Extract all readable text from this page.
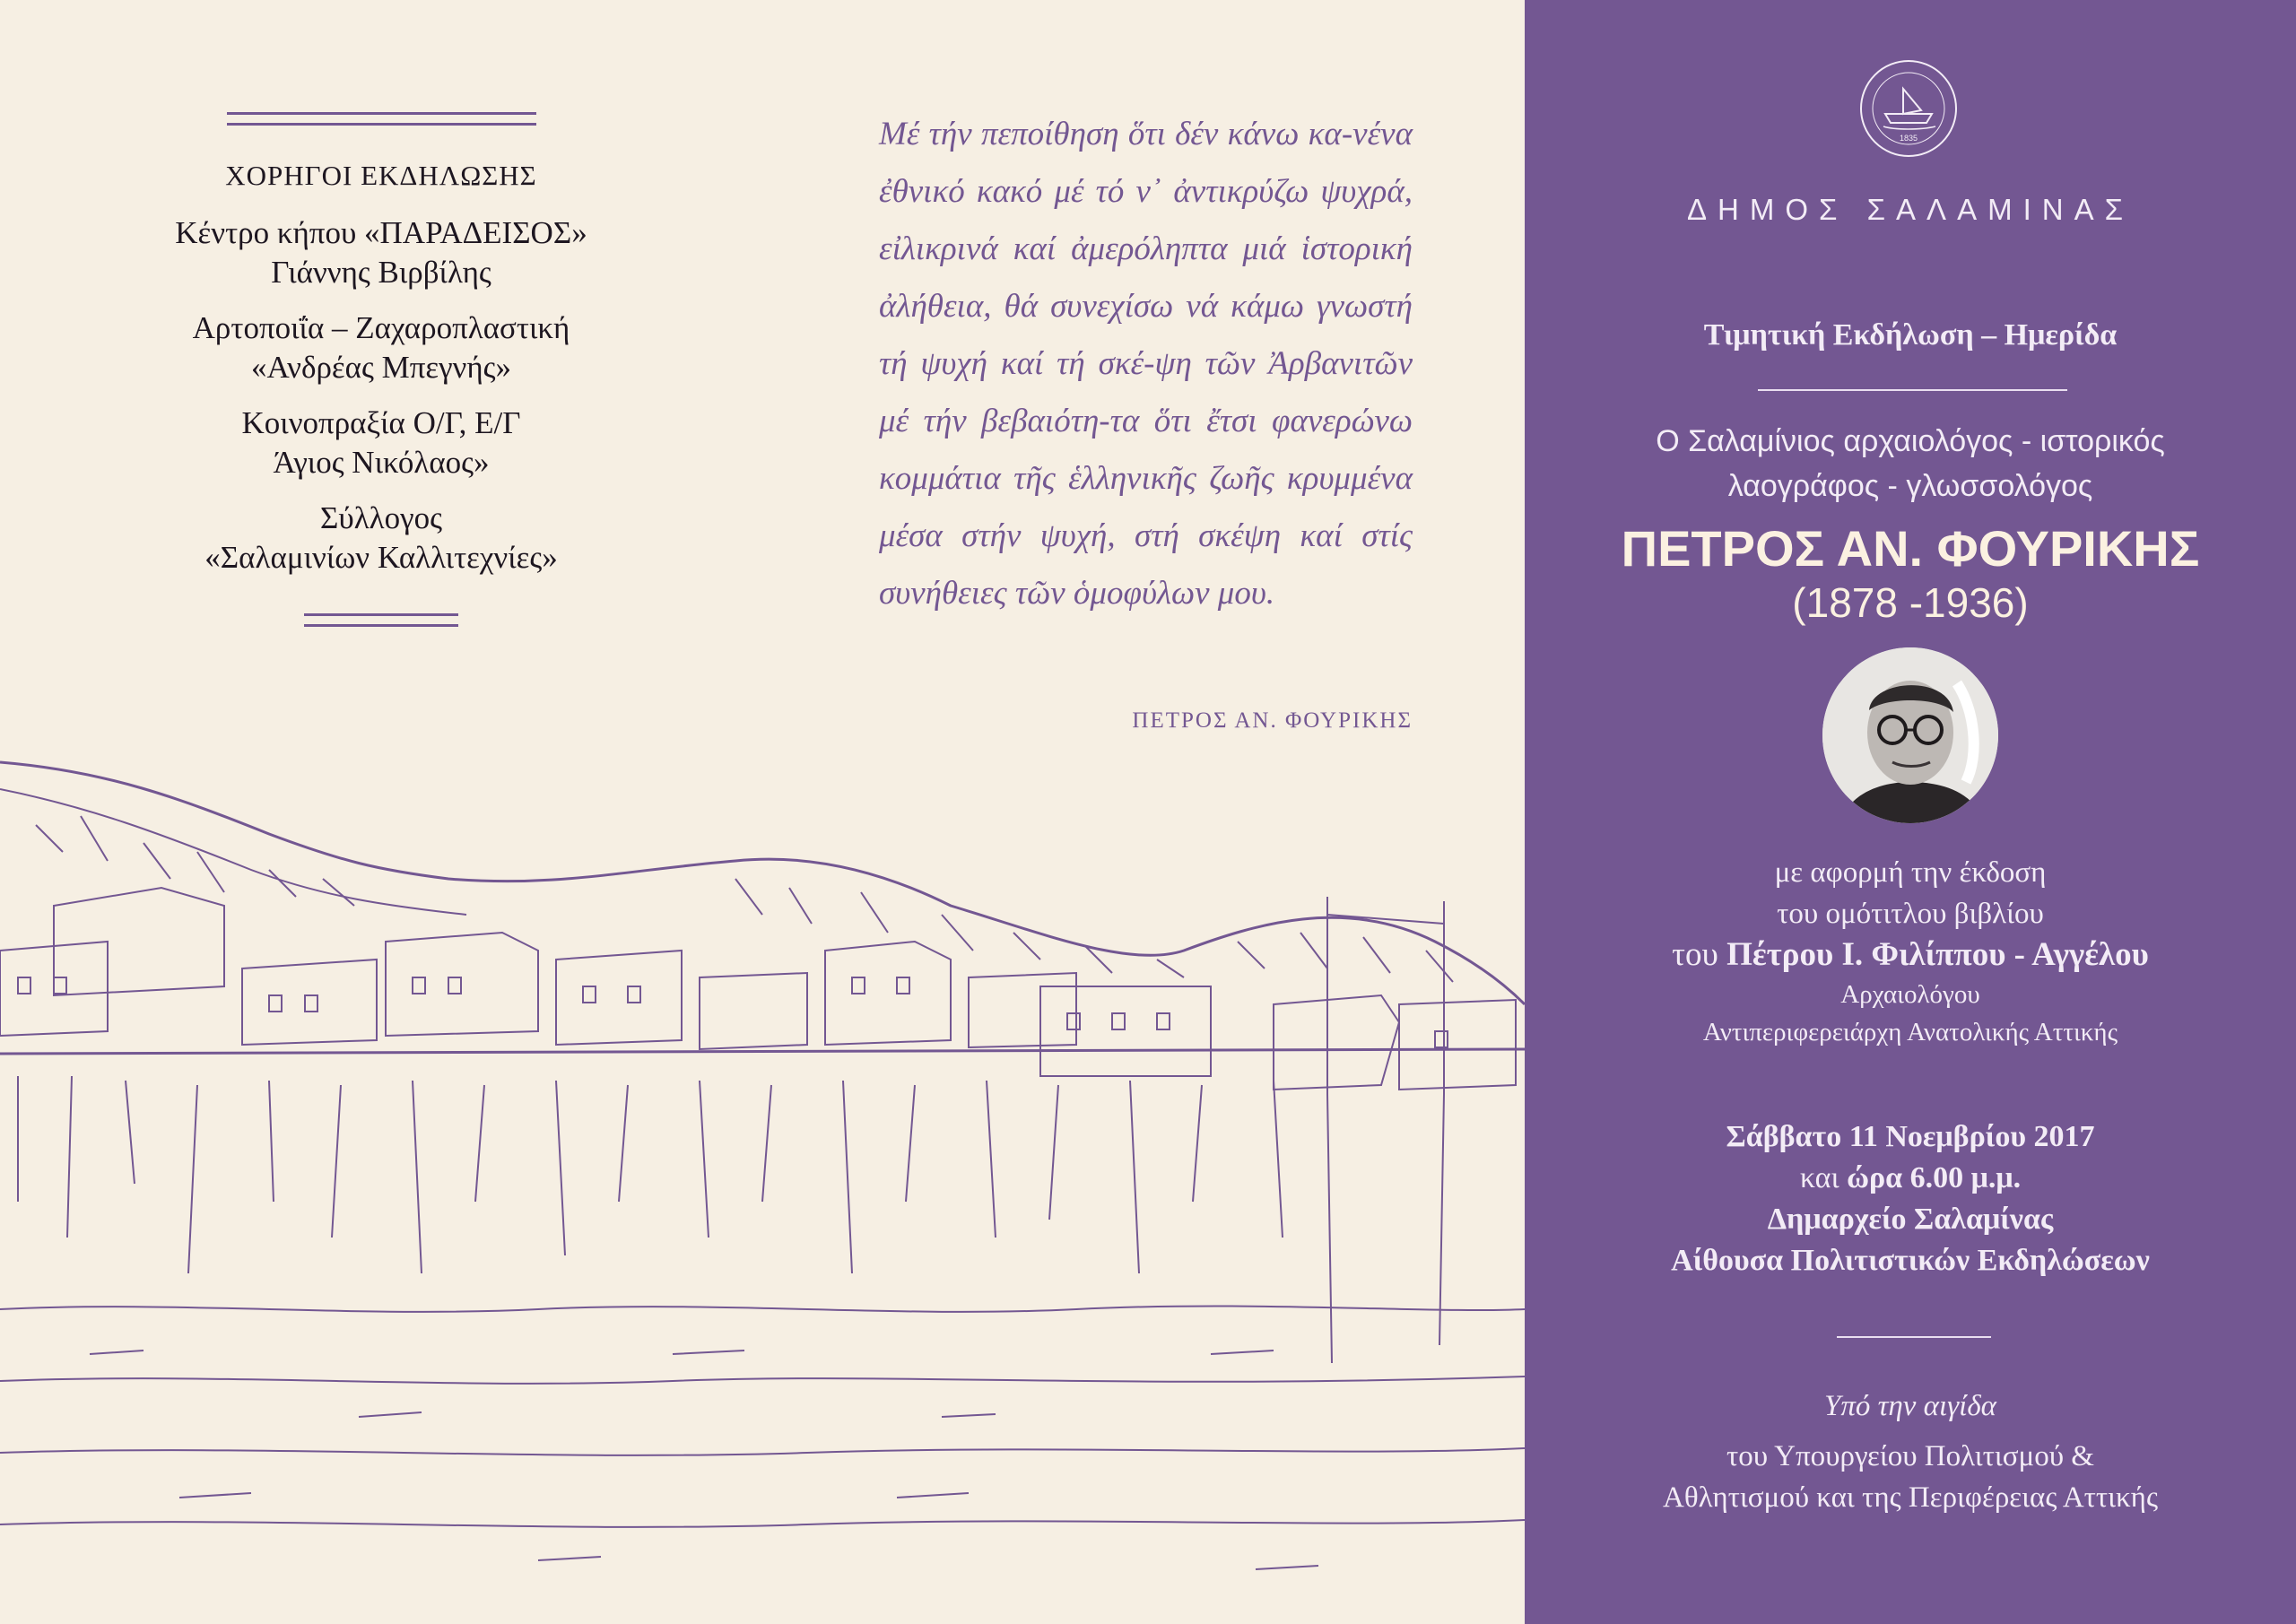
ΧΟΡΗΓΟΙ ΕΚΔΗΛΩΣΗΣ
Κέντρο κήπου «ΠΑΡΑΔΕΙΣΟΣ»
Γιάννης Βιρβίλης
Αρτοποιΐα – Ζαχαροπλαστική
«Ανδρέας Μπεγνής»
Κοινοπραξία Ο/Γ, Ε/Γ
Άγιος Νικόλαος»
Σύλλογος
«Σαλαμινίων Καλλιτεχνίες»
Μέ τήν πεποίθηση ὅτι δέν κάνω κα-νένα ἐθνικό κακό μέ τό ν᾿ ἀντικρύζω ψυχρά, εἰλικρινά καί ἀμερόληπτα μιά ἱστορική ἀλήθεια, θά συνεχίσω νά κάμω γνωστή τή ψυχή καί τή σκέ-ψη τῶν Ἀρβανιτῶν μέ τήν βεβαιότη-τα ὅτι ἔτσι φανερώνω κομμάτια τῆς ἑλληνικῆς ζωῆς κρυμμένα μέσα στήν ψυχή, στή σκέψη καί στίς συνήθειες τῶν ὁμοφύλων μου.
ΠΕΤΡΟΣ ΑΝ. ΦΟΥΡΙΚΗΣ
1835
ΔΗΜΟΣ ΣΑΛΑΜΙΝΑΣ
Τιμητική Εκδήλωση – Ημερίδα
Ο Σαλαμίνιος αρχαιολόγος - ιστορικός
λαογράφος - γλωσσολόγος
ΠΕΤΡΟΣ ΑΝ. ΦΟΥΡΙΚΗΣ
(1878 -1936)
με αφορμή την έκδοση
του ομότιτλου βιβλίου
του Πέτρου Ι. Φιλίππου - Αγγέλου
Αρχαιολόγου
Αντιπεριφερειάρχη Ανατολικής Αττικής
Σάββατο 11 Νοεμβρίου 2017
και ώρα 6.00 μ.μ.
Δημαρχείο Σαλαμίνας
Αίθουσα Πολιτιστικών Εκδηλώσεων
Υπό την αιγίδα
του Υπουργείου Πολιτισμού &
Αθλητισμού και της Περιφέρειας Αττικής
